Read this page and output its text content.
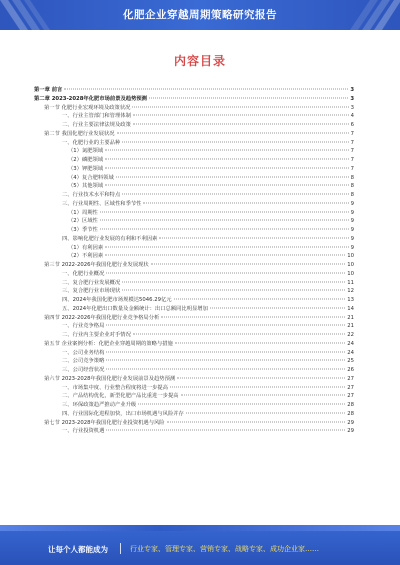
化肥企业穿越周期策略研究报告
内容目录
第一章 前言	3
第二章 2023-2028年化肥市场前景及趋势预测	3
第一节 化肥行业宏观环境及政策状况	3
一、行业主管部门和管理体制	4
二、行业主要法律法规及政策	6
第二节 我国化肥行业发展状况	7
一、化肥行业的主要品种	7
（1）氮肥领域	7
（2）磷肥领域	7
（3）钾肥领域	7
（4）复合肥料领域	8
（5）其他领域	8
二、行业技术水平和特点	8
三、行业周期性、区域性和季节性	9
（1）周期性	9
（2）区域性	9
（3）季节性	9
四、影响化肥行业发展的有利和不利因素	9
（1）有利因素	9
（2）不利因素	10
第三节 2022-2026年我国化肥行业发展现状	10
一、化肥行业概况	10
二、复合肥行业发展概况	11
三、复合肥行业市场现状	12
四、2024年我国化肥市场规模达5046.29亿元	13
五、2024年化肥出口数量及金额统计：出口总额同比明显增加	14
第四节 2022-2026年我国化肥行业竞争格局分析	21
一、行业竞争格局	21
二、行业内主要企业对手情况	22
第五节 企业案例分析：化肥企业穿越周期的策略与措施	24
一、公司业务结构	24
二、公司竞争策略	25
三、公司经营状况	26
第六节 2023-2028年我国化肥行业发展前景及趋势预测	27
一、市场集中度、行业整合程度将进一步提高	27
二、产品结构优化，新型化肥产品比重进一步提高	27
三、环保政策趋严推动产业升级	28
四、行业国际化进程加快，出口市场机遇与风险并存	28
第七节 2023-2028年我国化肥行业投资机遇与风险	29
一、行业投资机遇	29
让每个人都能成为	行业专家、管理专家、营销专家、战略专家、成功企业家……
